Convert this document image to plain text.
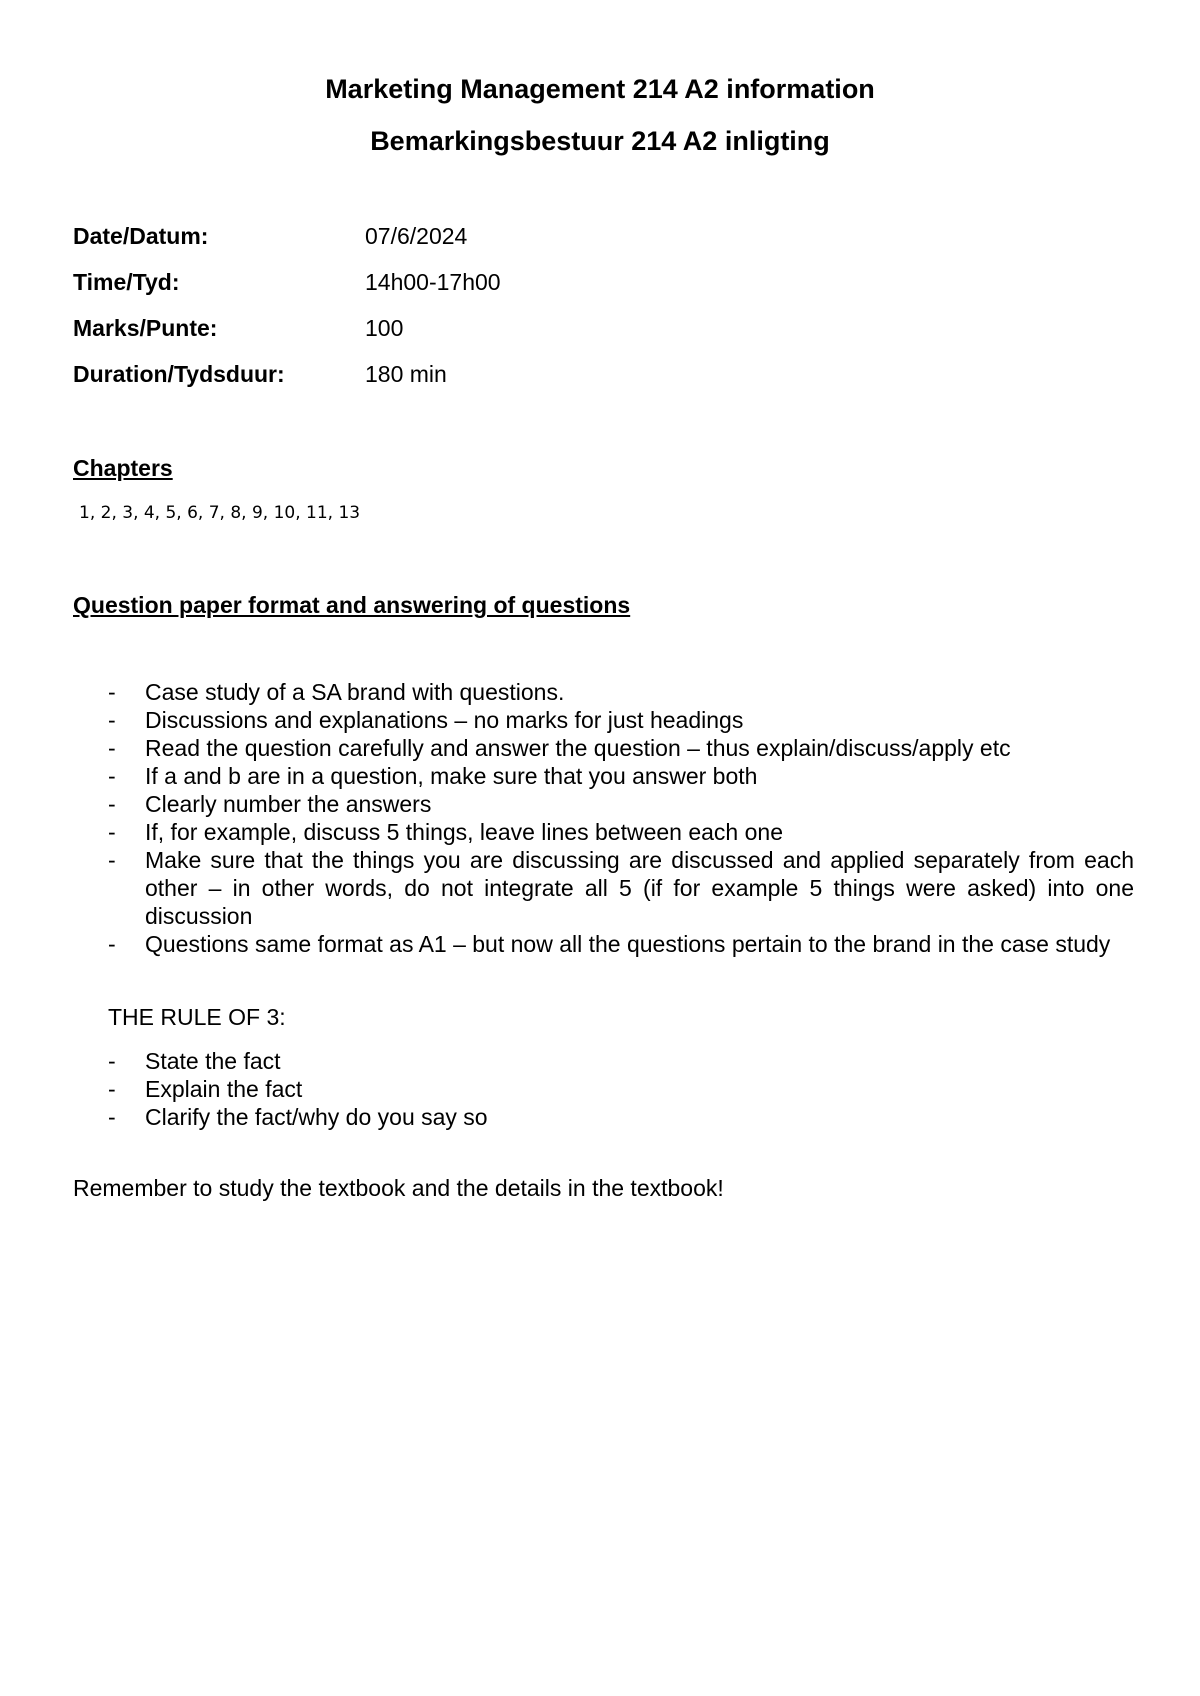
Marketing Management 214 A2 information
Bemarkingsbestuur 214 A2 inligting
Date/Datum:	07/6/2024
Time/Tyd:	14h00-17h00
Marks/Punte:	100
Duration/Tydsduur:	180 min
Chapters
1, 2, 3, 4, 5, 6, 7, 8, 9, 10, 11, 13
Question paper format and answering of questions
- Case study of a SA brand with questions.
- Discussions and explanations – no marks for just headings
- Read the question carefully and answer the question – thus explain/discuss/apply etc
- If a and b are in a question, make sure that you answer both
- Clearly number the answers
- If, for example, discuss 5 things, leave lines between each one
- Make sure that the things you are discussing are discussed and applied separately from each other – in other words, do not integrate all 5 (if for example 5 things were asked) into one discussion
- Questions same format as A1 – but now all the questions pertain to the brand in the case study
THE RULE OF 3:
- State the fact
- Explain the fact
- Clarify the fact/why do you say so
Remember to study the textbook and the details in the textbook!
